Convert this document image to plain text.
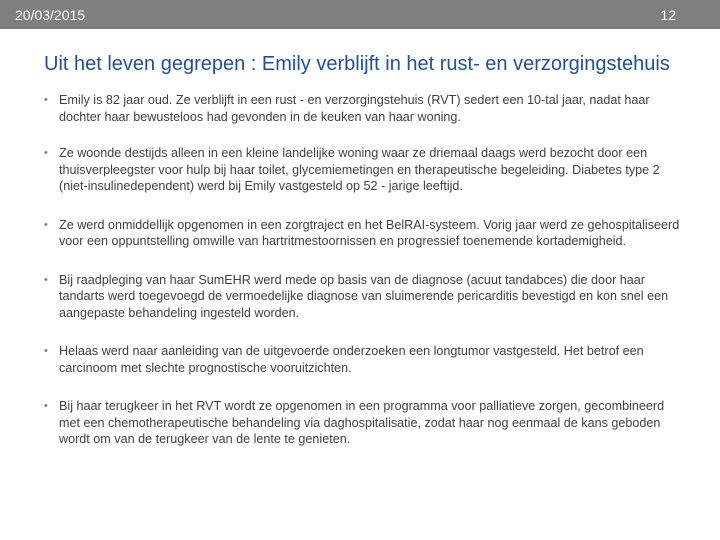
20/03/2015	12
Uit het leven gegrepen : Emily verblijft in het rust- en verzorgingstehuis
• Emily is 82 jaar oud. Ze verblijft in een rust - en verzorgingstehuis (RVT) sedert een 10-tal jaar, nadat haar dochter haar bewusteloos had gevonden in de keuken van haar woning.
• Ze woonde destijds alleen in een kleine landelijke woning waar ze driemaal daags werd bezocht door een thuisverpleegster voor hulp bij haar toilet, glycemiemetingen en therapeutische begeleiding. Diabetes type 2 (niet-insulinedependent) werd bij Emily vastgesteld op 52 - jarige leeftijd.
• Ze werd onmiddellijk opgenomen in een zorgtraject en het BelRAI-systeem. Vorig jaar werd ze gehospitaliseerd voor een oppuntstelling omwille van hartritmestoornissen en progressief toenemende kortademigheid.
• Bij raadpleging van haar SumEHR werd mede op basis van de diagnose (acuut tandabces) die door haar tandarts werd toegevoegd de vermoedelijke diagnose van sluimerende pericarditis bevestigd en kon snel een aangepaste behandeling ingesteld worden.
• Helaas werd naar aanleiding van de uitgevoerde onderzoeken een longtumor vastgesteld. Het betrof een carcinoom met slechte prognostische vooruitzichten.
• Bij haar terugkeer in het RVT wordt ze opgenomen in een programma voor palliatieve zorgen, gecombineerd met een chemotherapeutische behandeling via daghospitalisatie, zodat haar nog eenmaal de kans geboden wordt om van de terugkeer van de lente te genieten.
